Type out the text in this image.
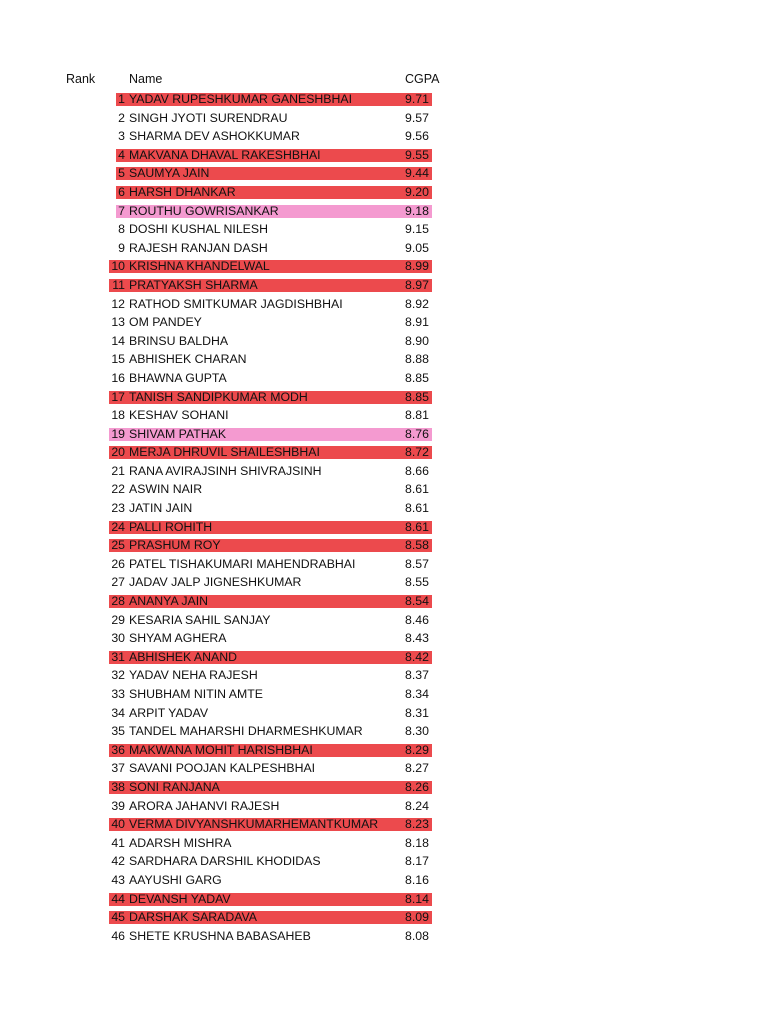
Rank	Name	CGPA
1 YADAV RUPESHKUMAR GANESHBHAI	9.71
2 SINGH JYOTI SURENDRAU	9.57
3 SHARMA DEV ASHOKKUMAR	9.56
4 MAKVANA DHAVAL RAKESHBHAI	9.55
5 SAUMYA JAIN	9.44
6 HARSH DHANKAR	9.20
7 ROUTHU GOWRISANKAR	9.18
8 DOSHI KUSHAL NILESH	9.15
9 RAJESH RANJAN DASH	9.05
10 KRISHNA KHANDELWAL	8.99
11 PRATYAKSH SHARMA	8.97
12 RATHOD SMITKUMAR JAGDISHBHAI	8.92
13 OM PANDEY	8.91
14 BRINSU BALDHA	8.90
15 ABHISHEK CHARAN	8.88
16 BHAWNA GUPTA	8.85
17 TANISH SANDIPKUMAR MODH	8.85
18 KESHAV SOHANI	8.81
19 SHIVAM PATHAK	8.76
20 MERJA DHRUVIL SHAILESHBHAI	8.72
21 RANA AVIRAJSINH SHIVRAJSINH	8.66
22 ASWIN NAIR	8.61
23 JATIN JAIN	8.61
24 PALLI ROHITH	8.61
25 PRASHUM ROY	8.58
26 PATEL TISHAKUMARI MAHENDRABHAI	8.57
27 JADAV JALP JIGNESHKUMAR	8.55
28 ANANYA JAIN	8.54
29 KESARIA SAHIL SANJAY	8.46
30 SHYAM AGHERA	8.43
31 ABHISHEK ANAND	8.42
32 YADAV NEHA RAJESH	8.37
33 SHUBHAM NITIN AMTE	8.34
34 ARPIT YADAV	8.31
35 TANDEL MAHARSHI DHARMESHKUMAR	8.30
36 MAKWANA MOHIT HARISHBHAI	8.29
37 SAVANI POOJAN KALPESHBHAI	8.27
38 SONI RANJANA	8.26
39 ARORA JAHANVI RAJESH	8.24
40 VERMA DIVYANSHKUMARHEMANTKUMAR 8.23
41 ADARSH MISHRA	8.18
42 SARDHARA DARSHIL KHODIDAS	8.17
43 AAYUSHI GARG	8.16
44 DEVANSH YADAV	8.14
45 DARSHAK SARADAVA	8.09
46 SHETE KRUSHNA BABASAHEB	8.08
